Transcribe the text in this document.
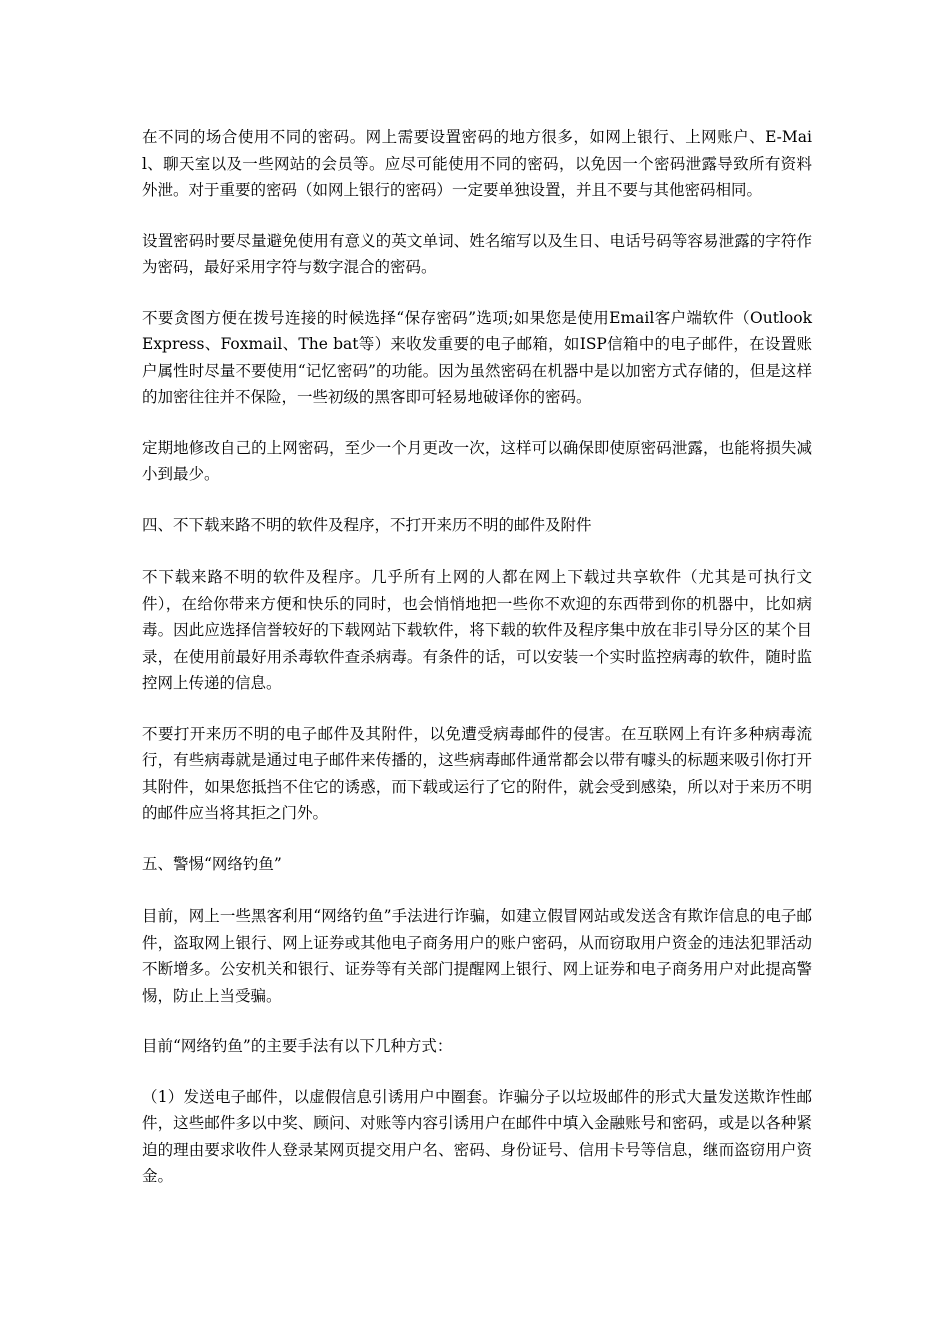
在不同的场合使用不同的密码。网上需要设置密码的地方很多，如网上银行、上网账户、E-Mail、聊天室以及一些网站的会员等。应尽可能使用不同的密码，以免因一个密码泄露导致所有资料外泄。对于重要的密码（如网上银行的密码）一定要单独设置，并且不要与其他密码相同。

设置密码时要尽量避免使用有意义的英文单词、姓名缩写以及生日、电话号码等容易泄露的字符作为密码，最好采用字符与数字混合的密码。

不要贪图方便在拨号连接的时候选择“保存密码”选项;如果您是使用Email客户端软件（Outlook Express、Foxmail、The bat等）来收发重要的电子邮箱，如ISP信箱中的电子邮件，在设置账户属性时尽量不要使用“记忆密码”的功能。因为虽然密码在机器中是以加密方式存储的，但是这样的加密往往并不保险，一些初级的黑客即可轻易地破译你的密码。

定期地修改自己的上网密码，至少一个月更改一次，这样可以确保即使原密码泄露，也能将损失减小到最少。

四、不下载来路不明的软件及程序，不打开来历不明的邮件及附件

不下载来路不明的软件及程序。几乎所有上网的人都在网上下载过共享软件（尤其是可执行文件），在给你带来方便和快乐的同时，也会悄悄地把一些你不欢迎的东西带到你的机器中，比如病毒。因此应选择信誉较好的下载网站下载软件，将下载的软件及程序集中放在非引导分区的某个目录，在使用前最好用杀毒软件查杀病毒。有条件的话，可以安装一个实时监控病毒的软件，随时监控网上传递的信息。

不要打开来历不明的电子邮件及其附件，以免遭受病毒邮件的侵害。在互联网上有许多种病毒流行，有些病毒就是通过电子邮件来传播的，这些病毒邮件通常都会以带有噱头的标题来吸引你打开其附件，如果您抵挡不住它的诱惑，而下载或运行了它的附件，就会受到感染，所以对于来历不明的邮件应当将其拒之门外。

五、警惕“网络钓鱼”

目前，网上一些黑客利用“网络钓鱼”手法进行诈骗，如建立假冒网站或发送含有欺诈信息的电子邮件，盗取网上银行、网上证券或其他电子商务用户的账户密码，从而窃取用户资金的违法犯罪活动不断增多。公安机关和银行、证券等有关部门提醒网上银行、网上证券和电子商务用户对此提高警惕，防止上当受骗。

目前“网络钓鱼”的主要手法有以下几种方式：

（1）发送电子邮件，以虚假信息引诱用户中圈套。诈骗分子以垃圾邮件的形式大量发送欺诈性邮件，这些邮件多以中奖、顾问、对账等内容引诱用户在邮件中填入金融账号和密码，或是以各种紧迫的理由要求收件人登录某网页提交用户名、密码、身份证号、信用卡号等信息，继而盗窃用户资金。
